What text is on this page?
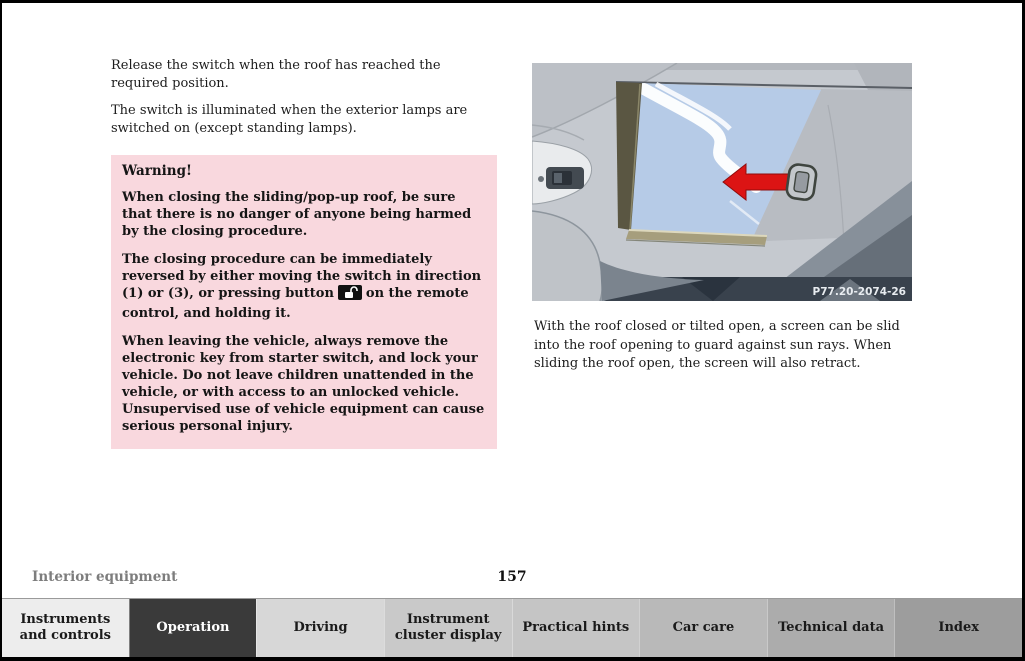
Release the switch when the roof has reached the required position.

The switch is illuminated when the exterior lamps are switched on (except standing lamps).

Warning!

When closing the sliding/pop-up roof, be sure that there is no danger of anyone being harmed by the closing procedure.

The closing procedure can be immediately reversed by either moving the switch in direction (1) or (3), or pressing button on the remote control, and holding it.

When leaving the vehicle, always remove the electronic key from starter switch, and lock your vehicle. Do not leave children unattended in the vehicle, or with access to an unlocked vehicle. Unsupervised use of vehicle equipment can cause serious personal injury.

P77.20-2074-26

With the roof closed or tilted open, a screen can be slid into the roof opening to guard against sun rays. When sliding the roof open, the screen will also retract.

Interior equipment	157
Instruments and controls
Operation	Driving
Instrument cluster display
Practical hints	Car care	Technical data	Index
